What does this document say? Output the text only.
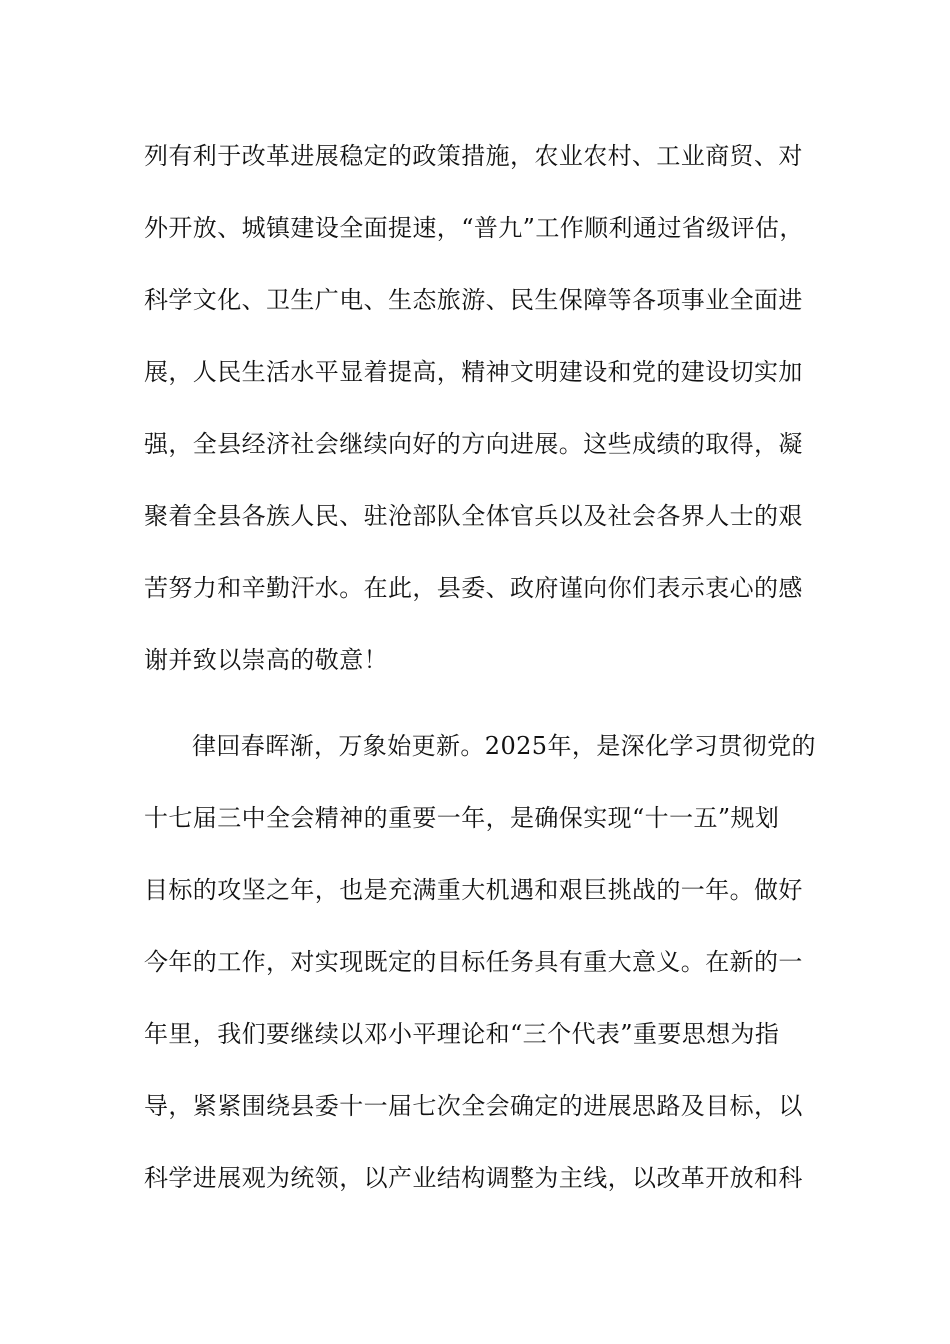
列有利于改革进展稳定的政策措施，农业农村、工业商贸、对
外开放、城镇建设全面提速，“普九”工作顺利通过省级评估，
科学文化、卫生广电、生态旅游、民生保障等各项事业全面进
展，人民生活水平显着提高，精神文明建设和党的建设切实加
强，全县经济社会继续向好的方向进展。这些成绩的取得，凝
聚着全县各族人民、驻沧部队全体官兵以及社会各界人士的艰
苦努力和辛勤汗水。在此，县委、政府谨向你们表示衷心的感
谢并致以崇高的敬意！
律回春晖渐，万象始更新。2025年，是深化学习贯彻党的
十七届三中全会精神的重要一年，是确保实现“十一五”规划
目标的攻坚之年，也是充满重大机遇和艰巨挑战的一年。做好
今年的工作，对实现既定的目标任务具有重大意义。在新的一
年里，我们要继续以邓小平理论和“三个代表”重要思想为指
导，紧紧围绕县委十一届七次全会确定的进展思路及目标，以
科学进展观为统领，以产业结构调整为主线，以改革开放和科
